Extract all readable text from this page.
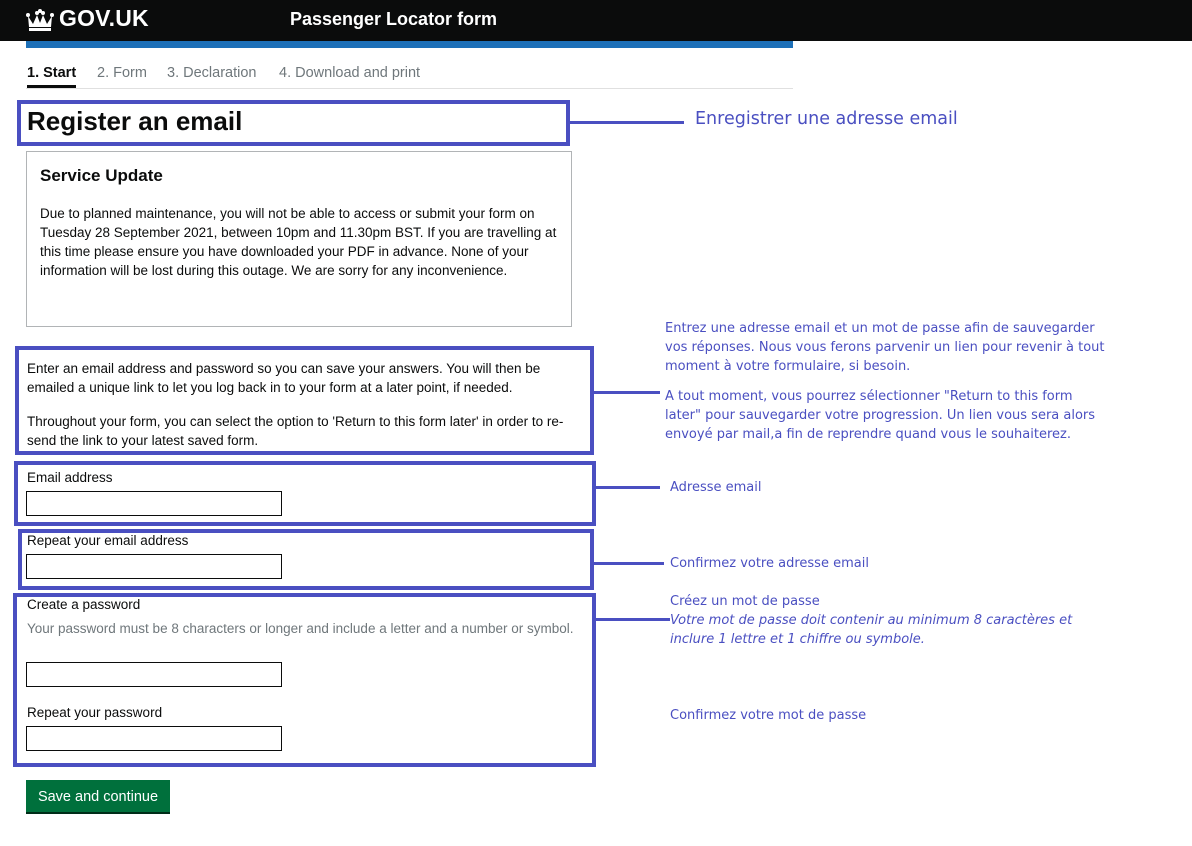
GOV.UK	Passenger Locator form
1. Start 2. Form 3. Declaration 4. Download and print
Register an email	Enregistrer une adresse email
Service Update

Due to planned maintenance, you will not be able to access or submit your form on Tuesday 28 September 2021, between 10pm and 11.30pm BST. If you are travelling at this time please ensure you have downloaded your PDF in advance. None of your information will be lost during this outage. We are sorry for any inconvenience.

Enter an email address and password so you can save your answers. You will then be emailed a unique link to let you log back in to your form at a later point, if needed.

Throughout your form, you can select the option to 'Return to this form later' in order to re-send the link to your latest saved form.

Entrez une adresse email et un mot de passe afin de sauvegarder vos réponses. Nous vous ferons parvenir un lien pour revenir à tout moment à votre formulaire, si besoin.

A tout moment, vous pourrez sélectionner "Return to this form later" pour sauvegarder votre progression. Un lien vous sera alors envoyé par mail,a fin de reprendre quand vous le souhaiterez.

Email address
Adresse email
Repeat your email address
Confirmez votre adresse email
Create a password
Your password must be 8 characters or longer and include a letter and a number or symbol.
Repeat your password
Créez un mot de passe
Votre mot de passe doit contenir au minimum 8 caractères et inclure 1 lettre et 1 chiffre ou symbole.
Confirmez votre mot de passe
Save and continue
